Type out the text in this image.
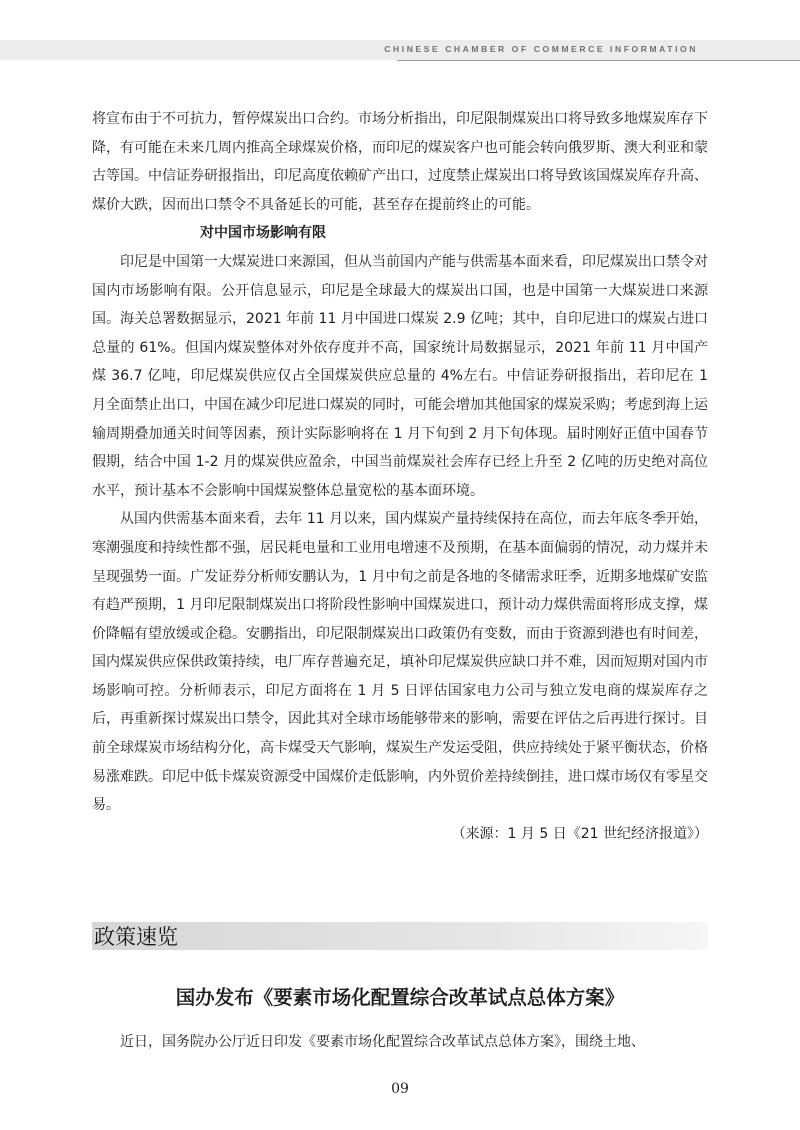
CHINESE CHAMBER OF COMMERCE INFORMATION

将宣布由于不可抗力，暂停煤炭出口合约。市场分析指出，印尼限制煤炭出口将导致多地煤炭库存下降，有可能在未来几周内推高全球煤炭价格，而印尼的煤炭客户也可能会转向俄罗斯、澳大利亚和蒙古等国。中信证券研报指出，印尼高度依赖矿产出口，过度禁止煤炭出口将导致该国煤炭库存升高、煤价大跌，因而出口禁令不具备延长的可能，甚至存在提前终止的可能。

对中国市场影响有限

印尼是中国第一大煤炭进口来源国，但从当前国内产能与供需基本面来看，印尼煤炭出口禁令对国内市场影响有限。公开信息显示，印尼是全球最大的煤炭出口国，也是中国第一大煤炭进口来源国。海关总署数据显示，2021 年前 11 月中国进口煤炭 2.9 亿吨；其中，自印尼进口的煤炭占进口总量的 61%。但国内煤炭整体对外依存度并不高，国家统计局数据显示，2021 年前 11 月中国产煤 36.7 亿吨，印尼煤炭供应仅占全国煤炭供应总量的 4%左右。中信证券研报指出，若印尼在 1 月全面禁止出口，中国在减少印尼进口煤炭的同时，可能会增加其他国家的煤炭采购；考虑到海上运输周期叠加通关时间等因素，预计实际影响将在 1 月下旬到 2 月下旬体现。届时刚好正值中国春节假期，结合中国 1-2 月的煤炭供应盈余，中国当前煤炭社会库存已经上升至 2 亿吨的历史绝对高位水平，预计基本不会影响中国煤炭整体总量宽松的基本面环境。

从国内供需基本面来看，去年 11 月以来，国内煤炭产量持续保持在高位，而去年底冬季开始，寒潮强度和持续性都不强，居民耗电量和工业用电增速不及预期，在基本面偏弱的情况，动力煤并未呈现强势一面。广发证券分析师安鹏认为，1 月中旬之前是各地的冬储需求旺季，近期多地煤矿安监有趋严预期，1 月印尼限制煤炭出口将阶段性影响中国煤炭进口，预计动力煤供需面将形成支撑，煤价降幅有望放缓或企稳。安鹏指出，印尼限制煤炭出口政策仍有变数，而由于资源到港也有时间差，国内煤炭供应保供政策持续，电厂库存普遍充足，填补印尼煤炭供应缺口并不难，因而短期对国内市场影响可控。分析师表示，印尼方面将在 1 月 5 日评估国家电力公司与独立发电商的煤炭库存之后，再重新探讨煤炭出口禁令，因此其对全球市场能够带来的影响，需要在评估之后再进行探讨。目前全球煤炭市场结构分化，高卡煤受天气影响，煤炭生产发运受阻，供应持续处于紧平衡状态，价格易涨难跌。印尼中低卡煤炭资源受中国煤价走低影响，内外贸价差持续倒挂，进口煤市场仅有零星交易。

（来源：1 月 5 日《21 世纪经济报道》）

政策速览
国办发布《要素市场化配置综合改革试点总体方案》

近日，国务院办公厅近日印发《要素市场化配置综合改革试点总体方案》，围绕土地、

09
